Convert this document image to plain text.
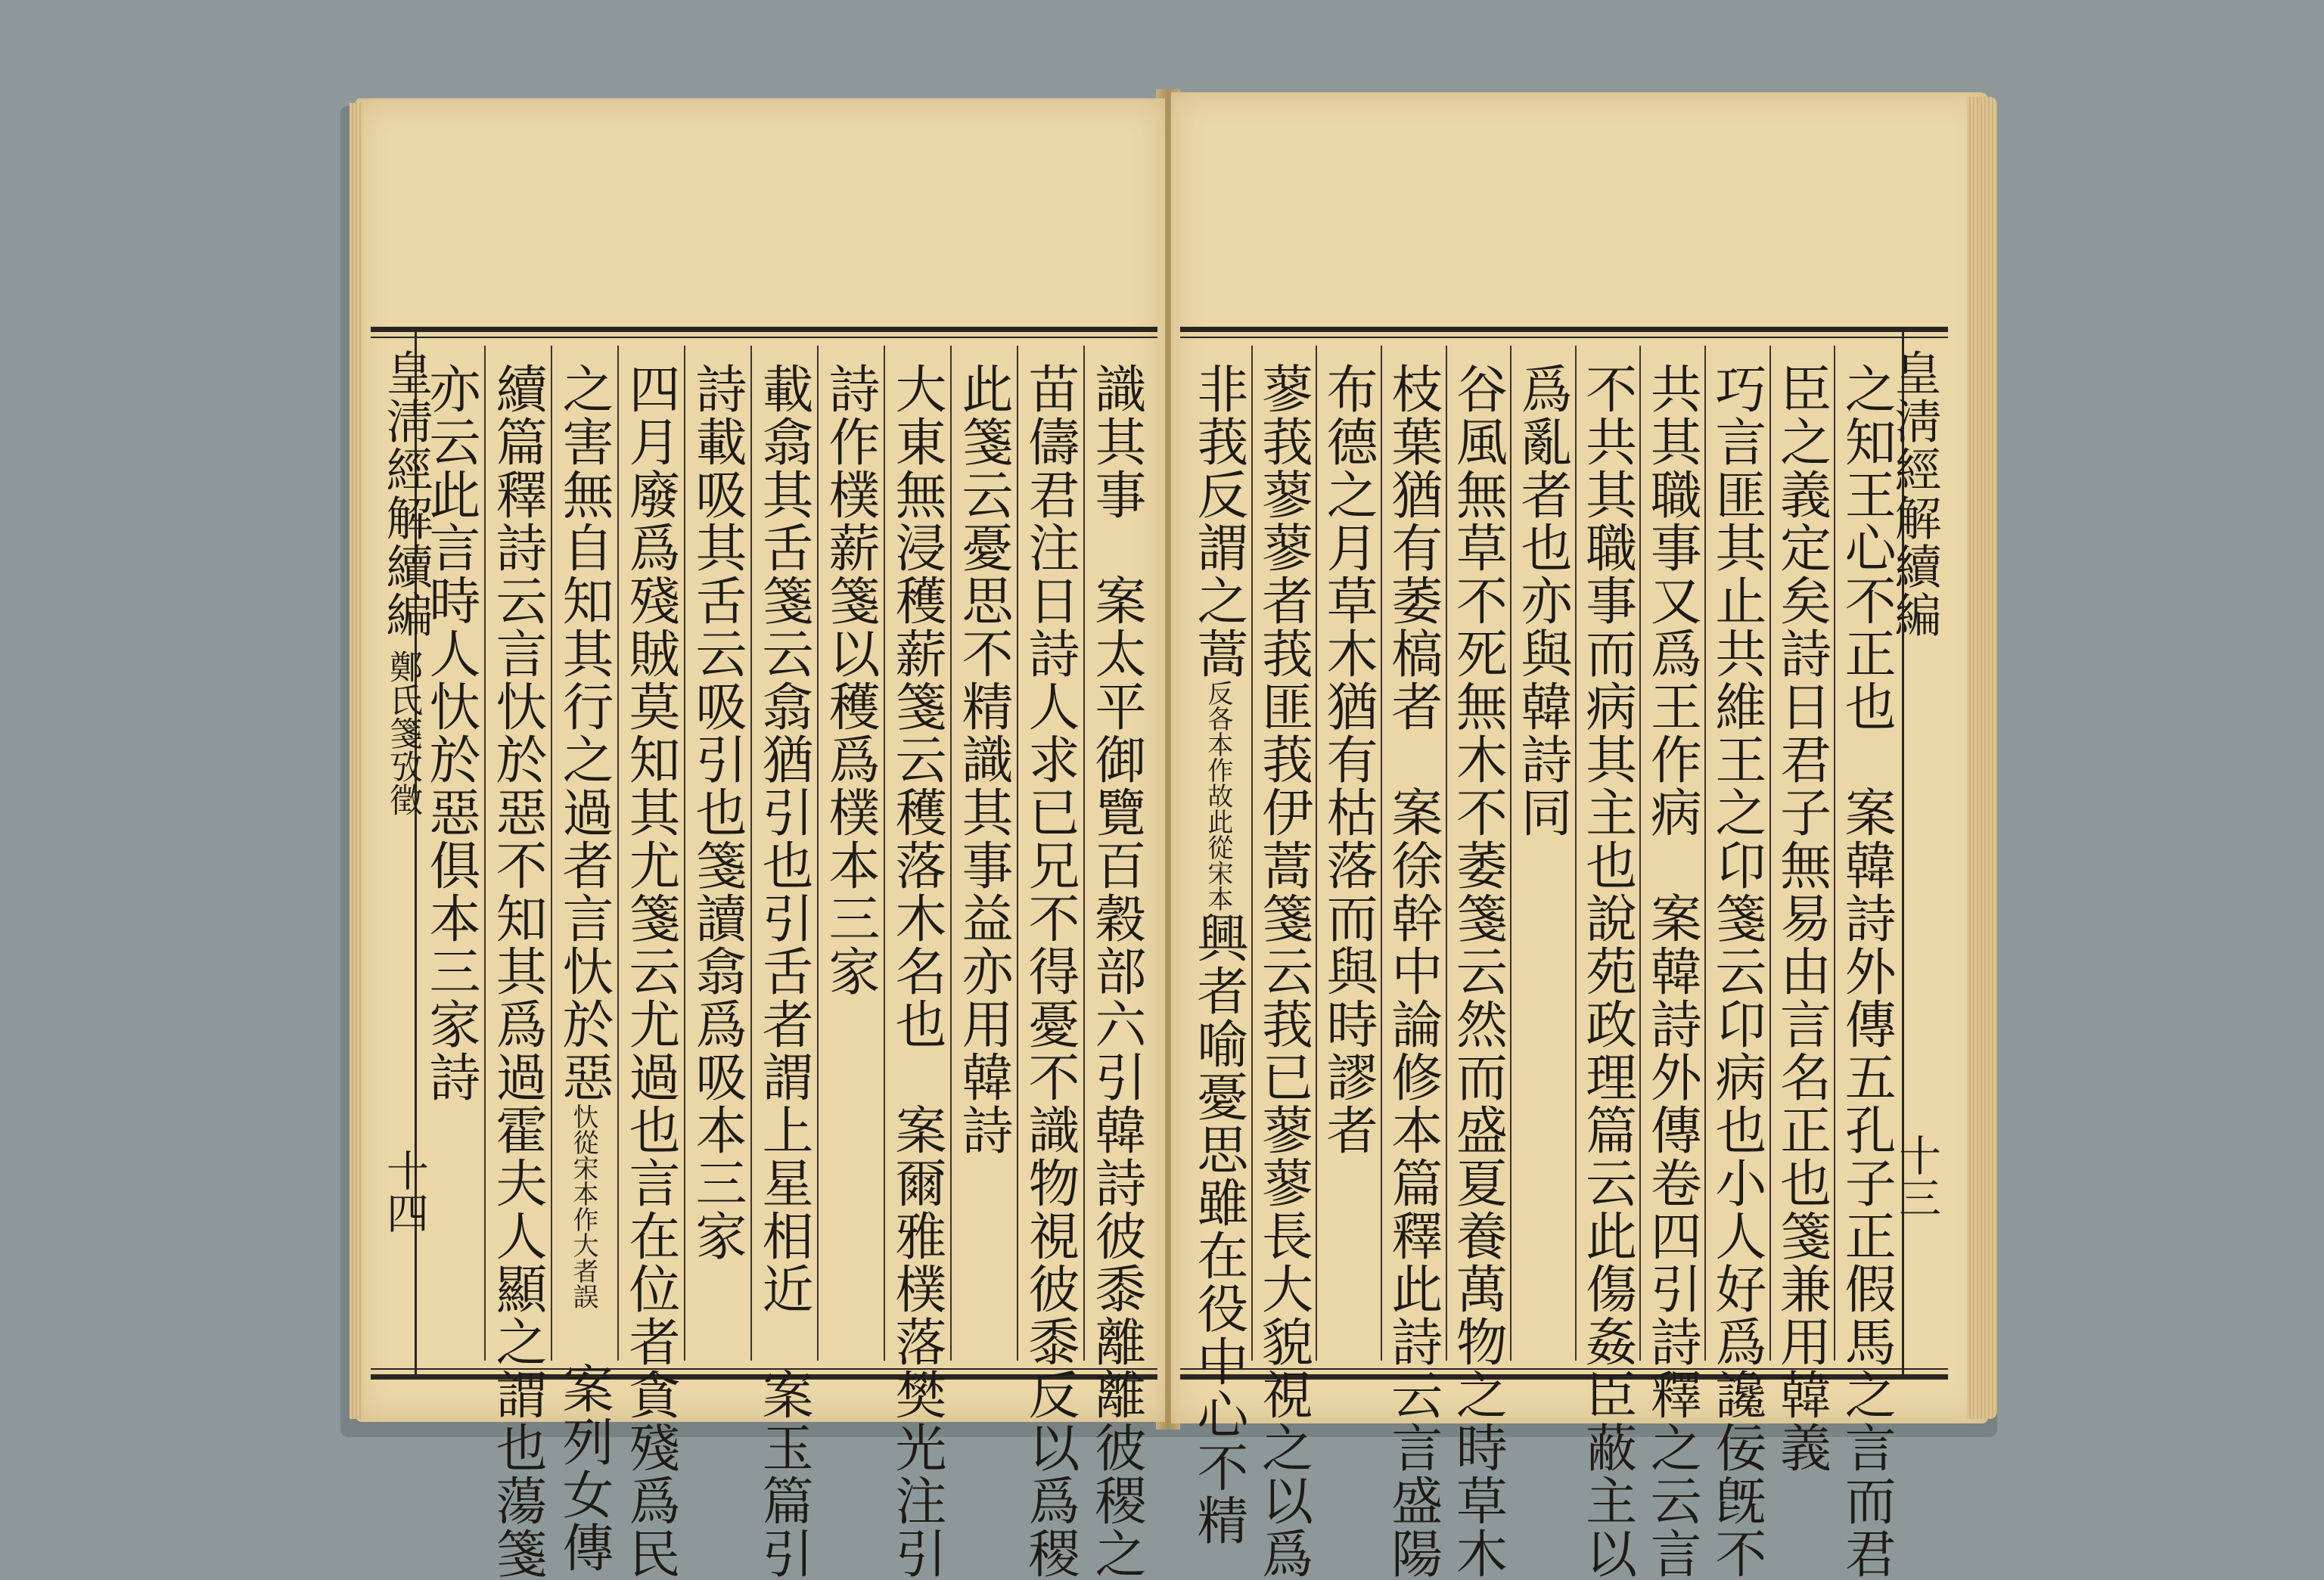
皇淸經解續編
鄭氏箋攷徵
十四	識其事　案太平御覽百穀部六引韓詩彼黍離離彼稷之
苗儔君注日詩人求已兄不得憂不識物視彼黍反以爲稷
此箋云憂思不精識其事益亦用韓詩
大東無浸穫薪箋云穫落木名也　案爾雅樸落樊光注引
詩作樸薪箋以穫爲樸本三家
載翕其舌箋云翕猶引也引舌者謂上星相近　案玉篇引
詩載吸其舌云吸引也箋讀翕爲吸本三家
四月廢爲殘賊莫知其尤箋云尤過也言在位者貪殘爲民
之害無自知其行之過者言忕於惡忕從宋本作大者誤　案列女傳
續篇釋詩云言忕於惡不知其爲過霍夫人顯之謂也蕩箋
亦云此言時人忕於惡俱本三家詩	皇淸經解續編
十三
之知王心不正也　案韓詩外傳五孔子正假馬之言而君
臣之義定矣詩日君子無易由言名正也箋兼用韓義
巧言匪其止共維王之卬箋云卬病也小人好爲讒佞旣不
共其職事又爲王作病　案韓詩外傳卷四引詩釋之云言
不共其職事而病其主也說苑政理篇云此傷姦臣蔽主以
爲亂者也亦與韓詩同
谷風無草不死無木不萎箋云然而盛夏養萬物之時草木
枝葉猶有萎槁者　案徐幹中論修本篇釋此詩云言盛陽
布德之月草木猶有枯落而與時謬者
蓼莪蓼蓼者莪匪莪伊蒿箋云莪已蓼蓼長大貌視之以爲
非莪反謂之蒿反各本作故此從宋本興者喻憂思雖在役中心不精
